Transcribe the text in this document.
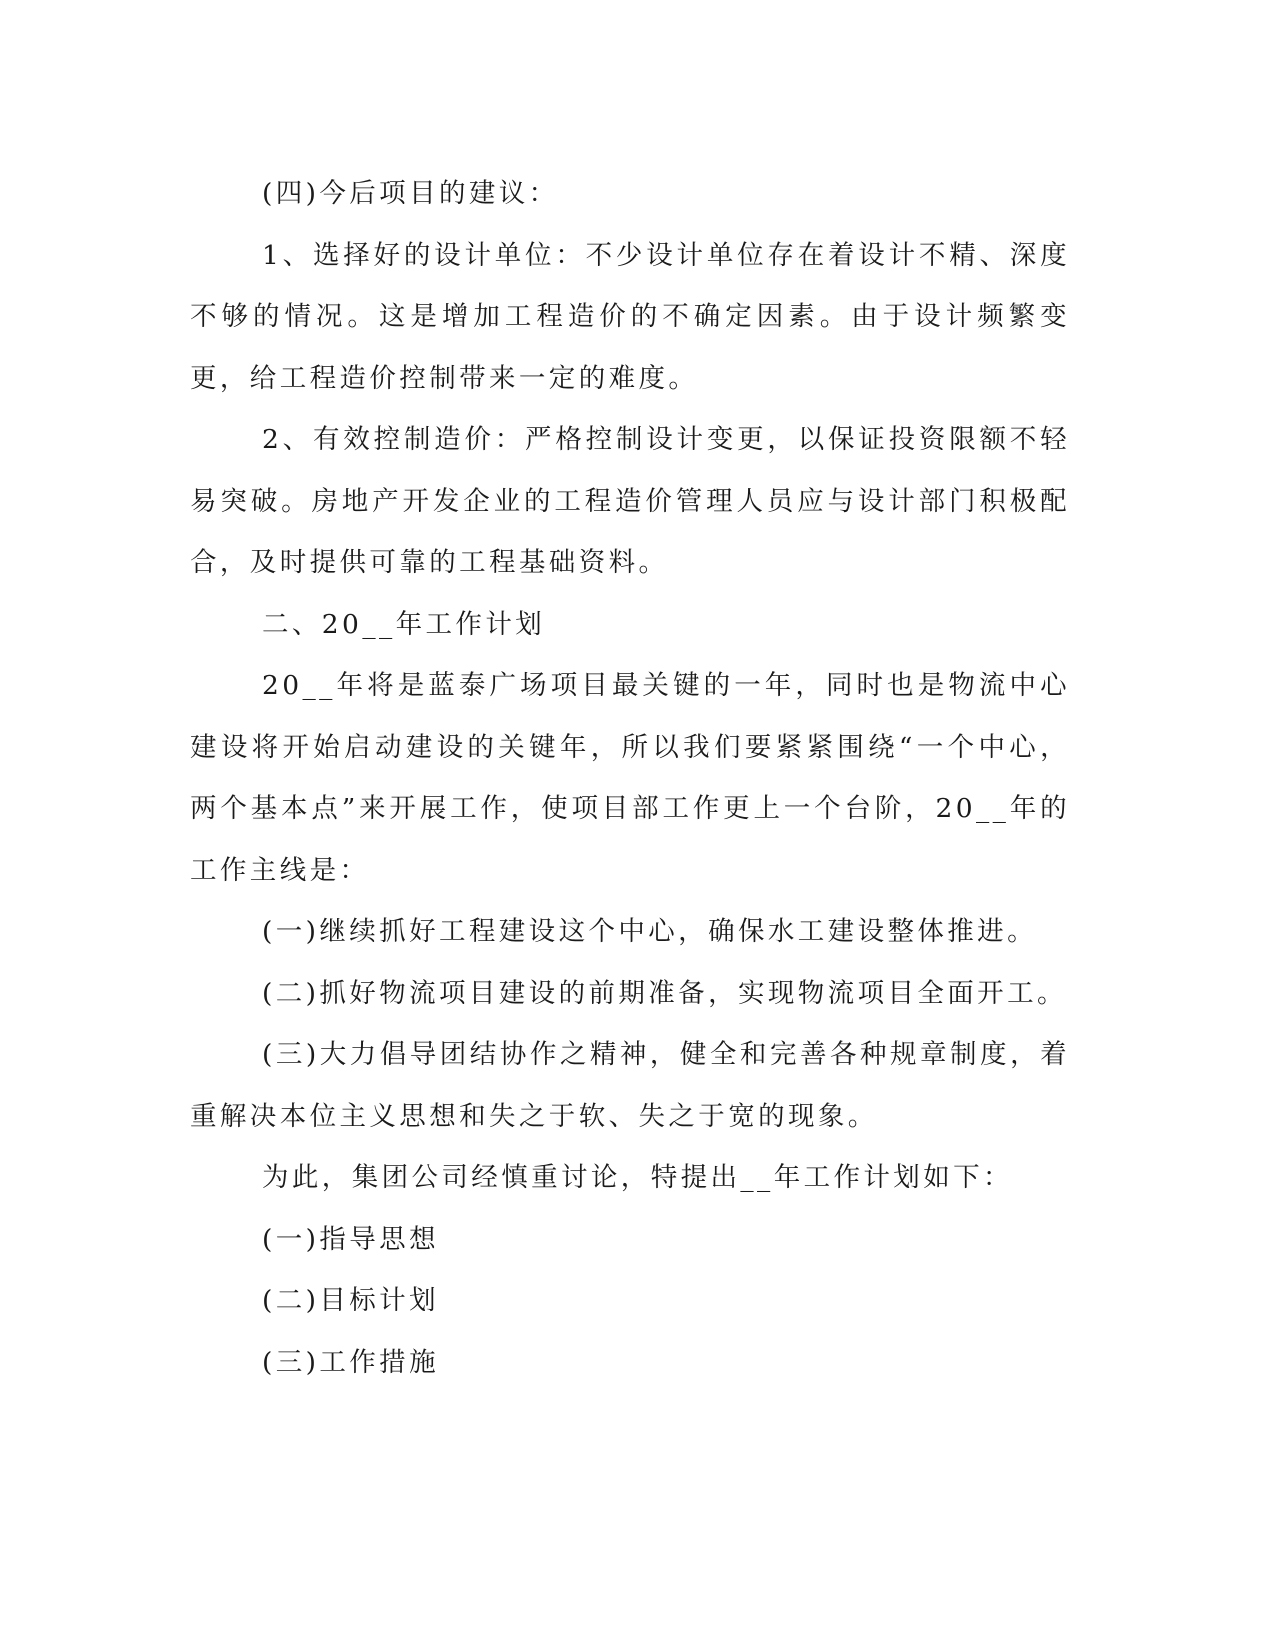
(四)今后项目的建议：

1、选择好的设计单位：不少设计单位存在着设计不精、深度不够的情况。这是增加工程造价的不确定因素。由于设计频繁变更，给工程造价控制带来一定的难度。

2、有效控制造价：严格控制设计变更，以保证投资限额不轻易突破。房地产开发企业的工程造价管理人员应与设计部门积极配合，及时提供可靠的工程基础资料。

二、20__年工作计划

20__年将是蓝泰广场项目最关键的一年，同时也是物流中心建设将开始启动建设的关键年，所以我们要紧紧围绕“一个中心，两个基本点”来开展工作，使项目部工作更上一个台阶，20__年的工作主线是：

(一)继续抓好工程建设这个中心，确保水工建设整体推进。

(二)抓好物流项目建设的前期准备，实现物流项目全面开工。

(三)大力倡导团结协作之精神，健全和完善各种规章制度，着重解决本位主义思想和失之于软、失之于宽的现象。

为此，集团公司经慎重讨论，特提出__年工作计划如下：

(一)指导思想

(二)目标计划

(三)工作措施
